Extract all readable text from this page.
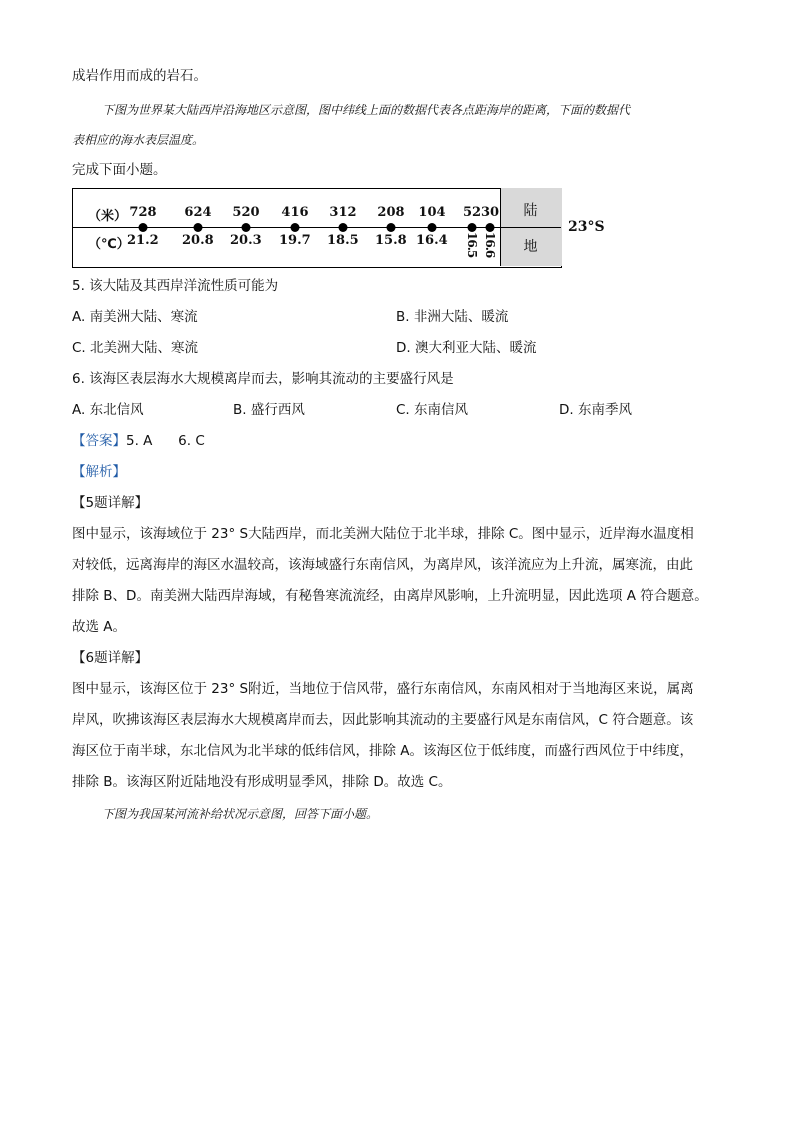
成岩作用而成的岩石。
下图为世界某大陆西岸沿海地区示意图，图中纬线上面的数据代表各点距海岸的距离，下面的数据代
表相应的海水表层温度。
完成下面小题。
陆
地
（米）
（℃）
728 624 520 416 312 208 104 52 30
21.2 20.8 20.3 19.7 18.5 15.8 16.4 16.5 16.6
23°S
5. 该大陆及其西岸洋流性质可能为
A. 南美洲大陆、寒流	B. 非洲大陆、暖流
C. 北美洲大陆、寒流	D. 澳大利亚大陆、暖流
6. 该海区表层海水大规模离岸而去，影响其流动的主要盛行风是
A. 东北信风	B. 盛行西风	C. 东南信风	D. 东南季风
【答案】5. A      6. C
【解析】
【5题详解】
图中显示，该海域位于 23° S大陆西岸，而北美洲大陆位于北半球，排除 C。图中显示，近岸海水温度相
对较低，远离海岸的海区水温较高，该海域盛行东南信风，为离岸风，该洋流应为上升流，属寒流，由此
排除 B、D。南美洲大陆西岸海域，有秘鲁寒流流经，由离岸风影响，上升流明显，因此选项 A 符合题意。
故选 A。
【6题详解】
图中显示，该海区位于 23° S附近，当地位于信风带，盛行东南信风，东南风相对于当地海区来说，属离
岸风，吹拂该海区表层海水大规模离岸而去，因此影响其流动的主要盛行风是东南信风，C 符合题意。该
海区位于南半球，东北信风为北半球的低纬信风，排除 A。该海区位于低纬度，而盛行西风位于中纬度，
排除 B。该海区附近陆地没有形成明显季风，排除 D。故选 C。
下图为我国某河流补给状况示意图，回答下面小题。
